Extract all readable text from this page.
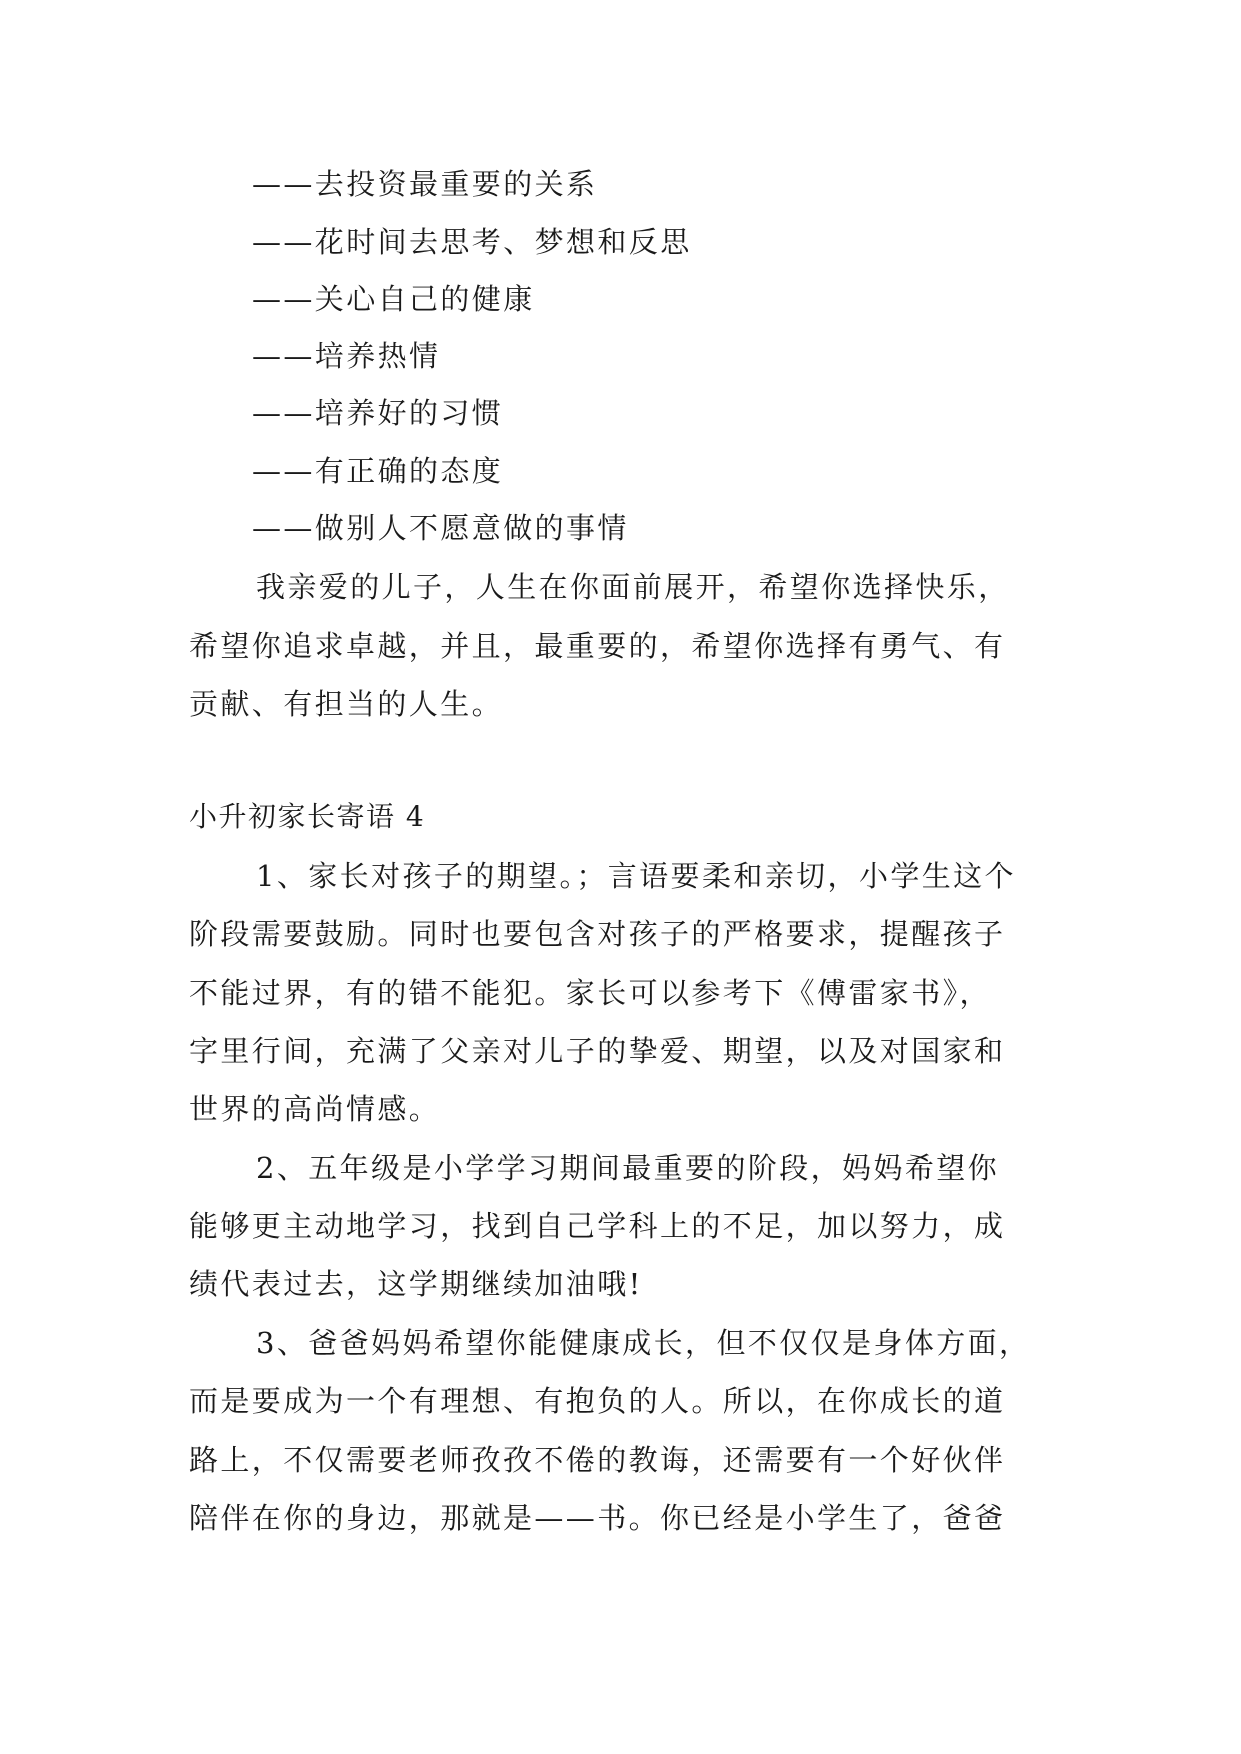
——去投资最重要的关系
——花时间去思考、梦想和反思
——关心自己的健康
——培养热情
——培养好的习惯
——有正确的态度
——做别人不愿意做的事情
我亲爱的儿子，人生在你面前展开，希望你选择快乐，
希望你追求卓越，并且，最重要的，希望你选择有勇气、有
贡献、有担当的人生。
小升初家长寄语 4
1、家长对孩子的期望。；言语要柔和亲切，小学生这个
阶段需要鼓励。同时也要包含对孩子的严格要求，提醒孩子
不能过界，有的错不能犯。家长可以参考下《傅雷家书》，
字里行间，充满了父亲对儿子的挚爱、期望，以及对国家和
世界的高尚情感。
2、五年级是小学学习期间最重要的阶段，妈妈希望你
能够更主动地学习，找到自己学科上的不足，加以努力，成
绩代表过去，这学期继续加油哦!
3、爸爸妈妈希望你能健康成长，但不仅仅是身体方面，
而是要成为一个有理想、有抱负的人。所以，在你成长的道
路上，不仅需要老师孜孜不倦的教诲，还需要有一个好伙伴
陪伴在你的身边，那就是——书。你已经是小学生了，爸爸
